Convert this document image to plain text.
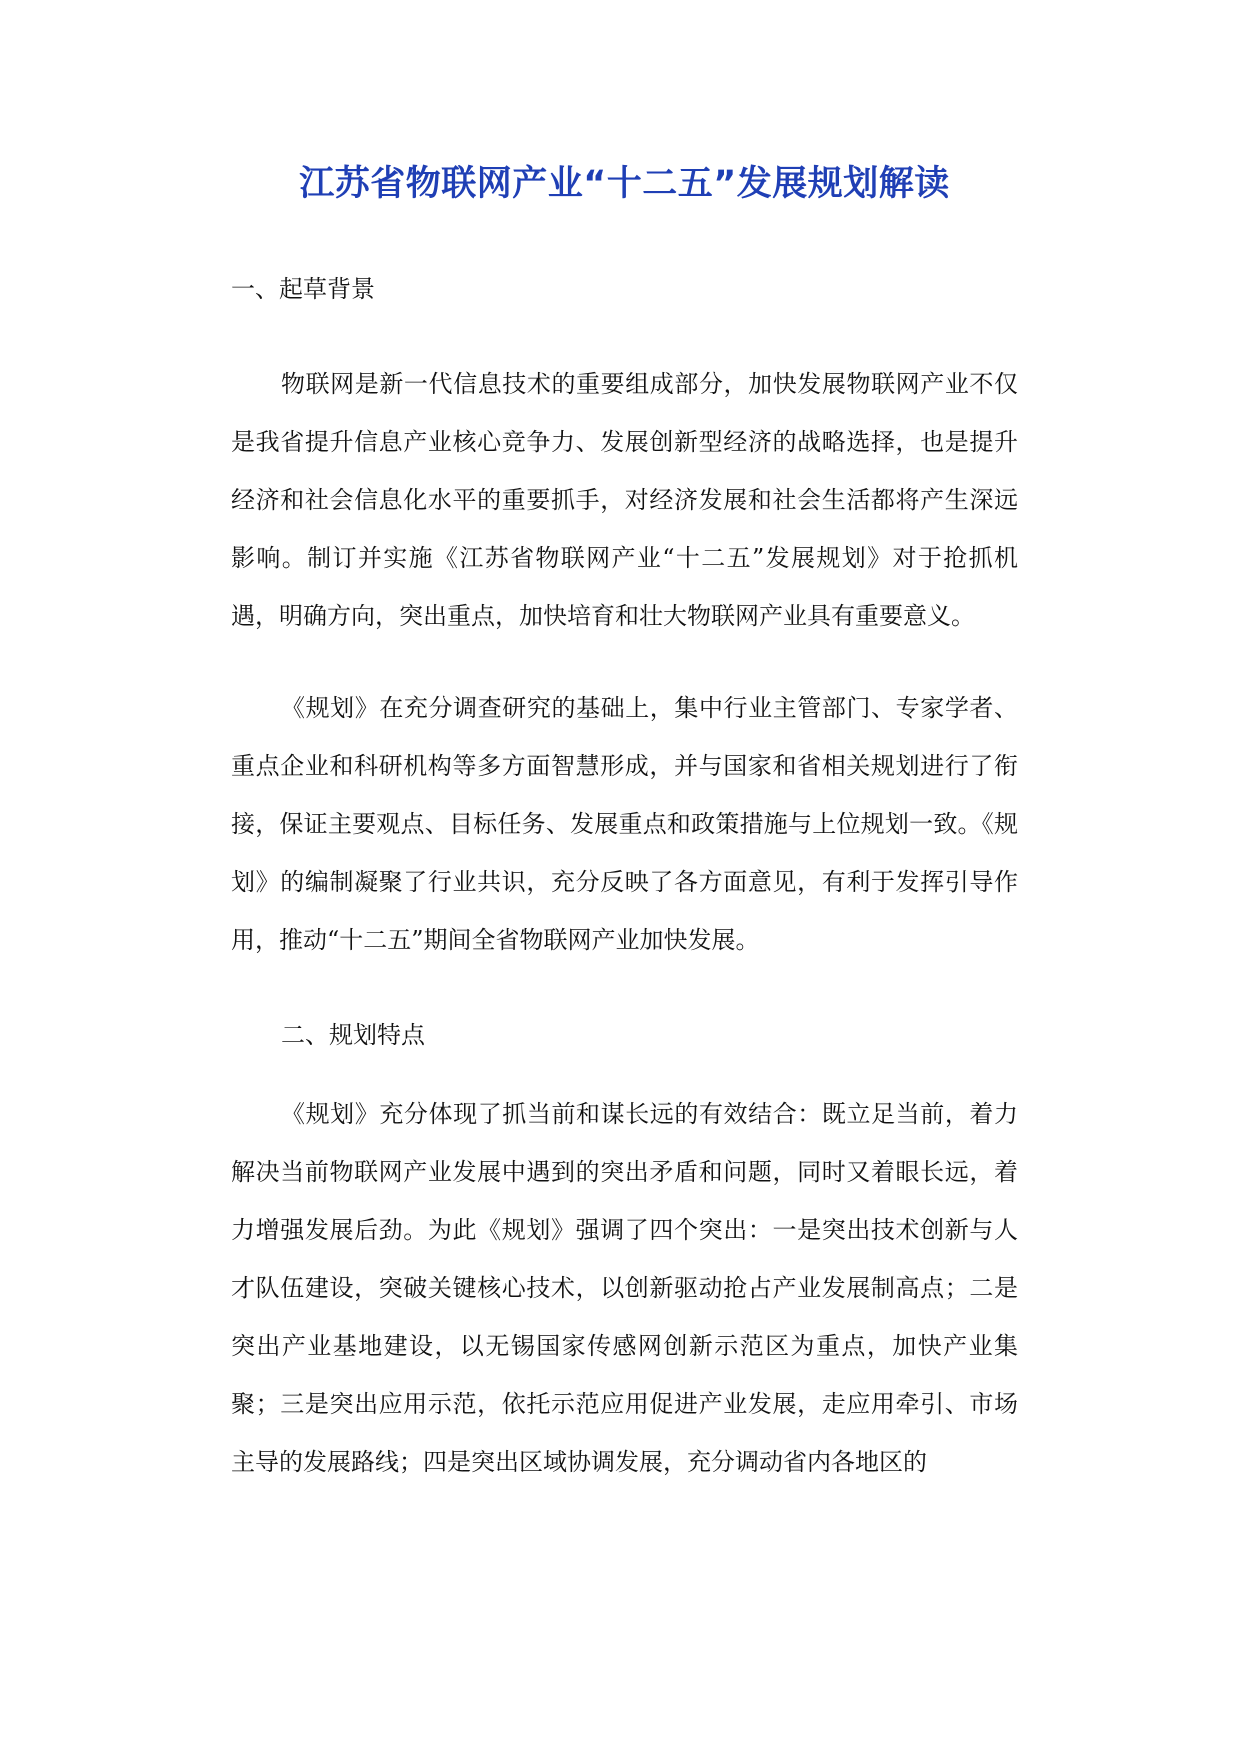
江苏省物联网产业“十二五”发展规划解读
一、起草背景

物联网是新一代信息技术的重要组成部分，加快发展物联网产业不仅是我省提升信息产业核心竞争力、发展创新型经济的战略选择，也是提升经济和社会信息化水平的重要抓手，对经济发展和社会生活都将产生深远影响。制订并实施《江苏省物联网产业“十二五”发展规划》对于抢抓机遇，明确方向，突出重点，加快培育和壮大物联网产业具有重要意义。

《规划》在充分调查研究的基础上，集中行业主管部门、专家学者、重点企业和科研机构等多方面智慧形成，并与国家和省相关规划进行了衔接，保证主要观点、目标任务、发展重点和政策措施与上位规划一致。《规划》的编制凝聚了行业共识，充分反映了各方面意见，有利于发挥引导作用，推动“十二五”期间全省物联网产业加快发展。

二、规划特点

《规划》充分体现了抓当前和谋长远的有效结合：既立足当前，着力解决当前物联网产业发展中遇到的突出矛盾和问题，同时又着眼长远，着力增强发展后劲。为此《规划》强调了四个突出：一是突出技术创新与人才队伍建设，突破关键核心技术，以创新驱动抢占产业发展制高点；二是突出产业基地建设，以无锡国家传感网创新示范区为重点，加快产业集聚；三是突出应用示范，依托示范应用促进产业发展，走应用牵引、市场主导的发展路线；四是突出区域协调发展，充分调动省内各地区的
